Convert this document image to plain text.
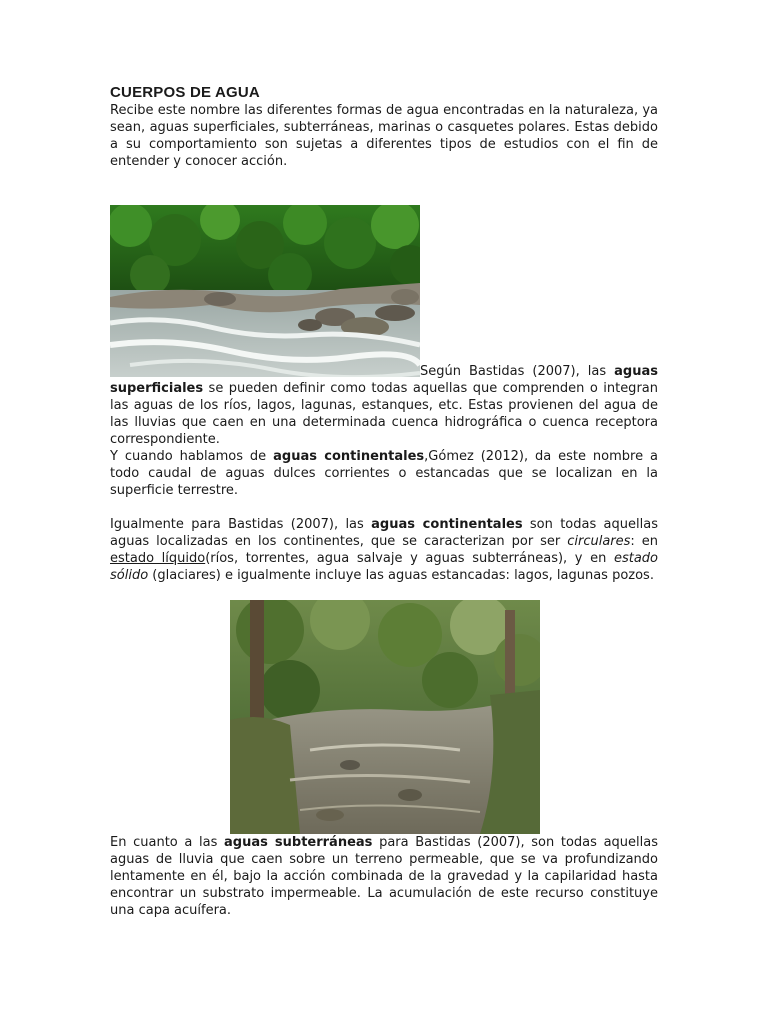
CUERPOS DE AGUA

Recibe este nombre las diferentes formas de agua encontradas en la naturaleza, ya sean, aguas superficiales, subterráneas, marinas o casquetes polares. Estas debido a su comportamiento son sujetas a diferentes tipos de estudios con el fin de entender y conocer acción.

Según Bastidas (2007), las aguas superficiales se pueden definir como todas aquellas que comprenden o integran las aguas de los ríos, lagos, lagunas, estanques, etc. Estas provienen del agua de las lluvias que caen en una determinada cuenca hidrográfica o cuenca receptora correspondiente.

Y cuando hablamos de aguas continentales,Gómez (2012), da este nombre a todo caudal de aguas dulces corrientes o estancadas que se localizan en la superficie terrestre.

Igualmente para Bastidas (2007), las aguas continentales son todas aquellas aguas localizadas en los continentes, que se caracterizan por ser circulares: en estado líquido(ríos, torrentes, agua salvaje y aguas subterráneas), y en estado sólido (glaciares) e igualmente incluye las aguas estancadas: lagos, lagunas pozos.

En cuanto a las aguas subterráneas para Bastidas (2007), son todas aquellas aguas de lluvia que caen sobre un terreno permeable, que se va profundizando lentamente en él, bajo la acción combinada de la gravedad y la capilaridad hasta encontrar un substrato impermeable. La acumulación de este recurso constituye una capa acuífera.
